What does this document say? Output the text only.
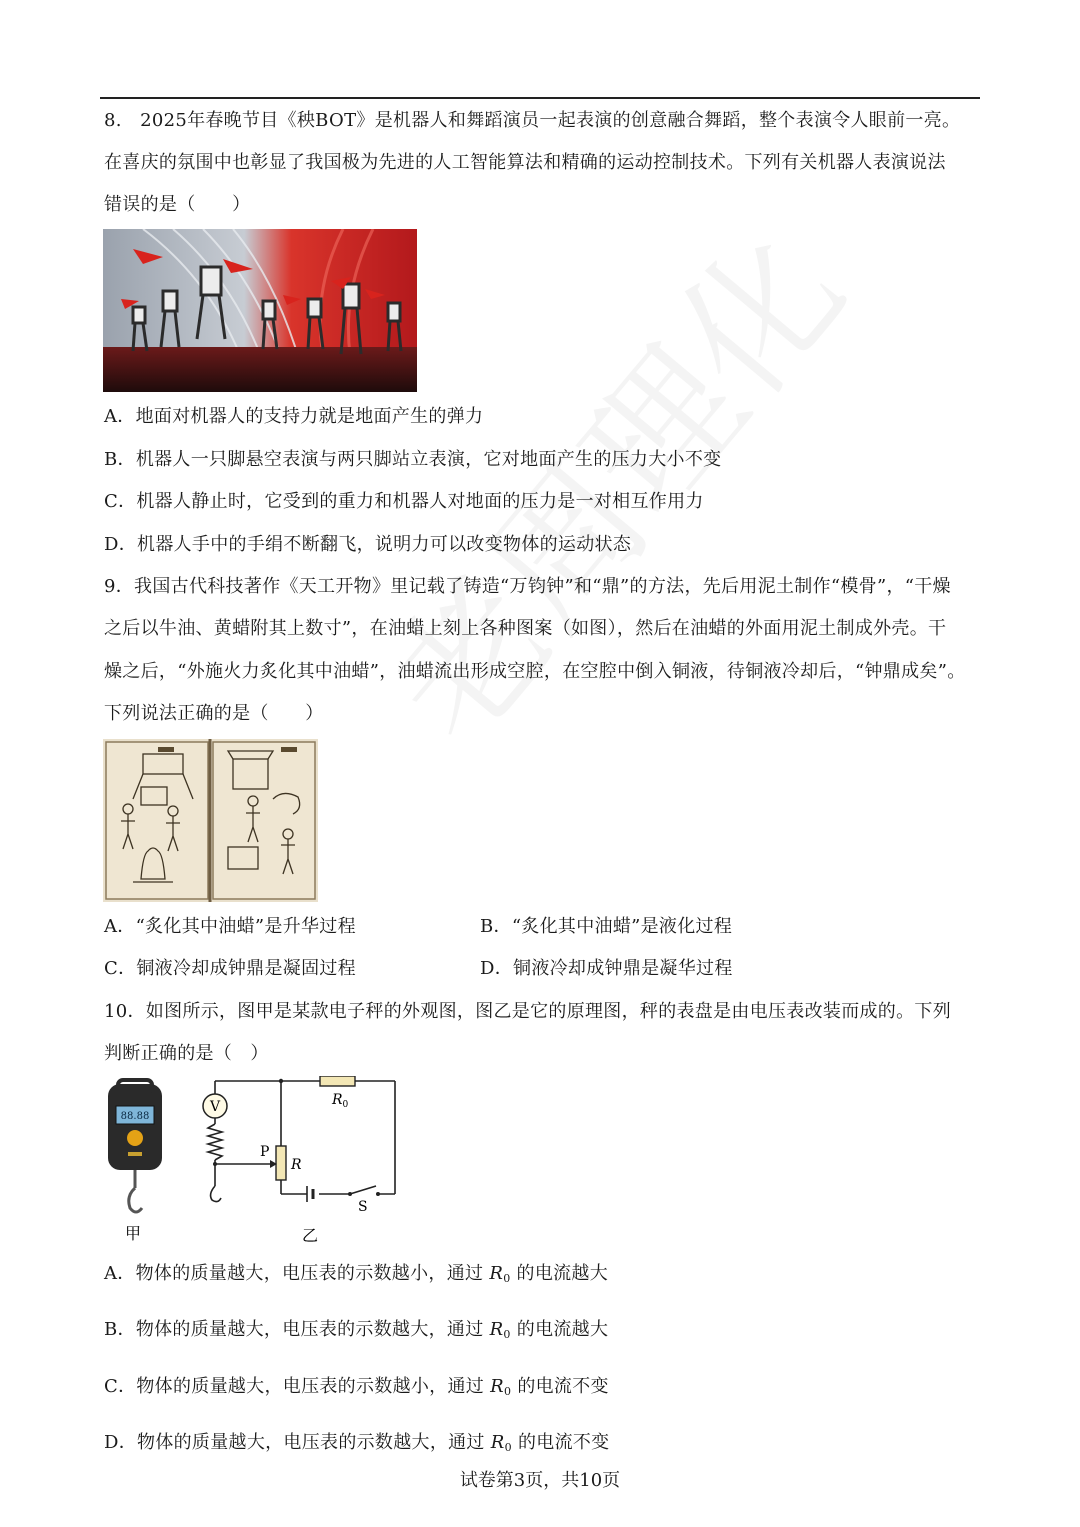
8.　2025年春晚节目《秧BOT》是机器人和舞蹈演员一起表演的创意融合舞蹈，整个表演令人眼前一亮。
在喜庆的氛围中也彰显了我国极为先进的人工智能算法和精确的运动控制技术。下列有关机器人表演说法
错误的是（　　）
A．地面对机器人的支持力就是地面产生的弹力
B．机器人一只脚悬空表演与两只脚站立表演，它对地面产生的压力大小不变
C．机器人静止时，它受到的重力和机器人对地面的压力是一对相互作用力
D．机器人手中的手绢不断翻飞，说明力可以改变物体的运动状态
9．我国古代科技著作《天工开物》里记载了铸造“万钧钟”和“鼎”的方法，先后用泥土制作“模骨”，“干燥
之后以牛油、黄蜡附其上数寸”，在油蜡上刻上各种图案（如图），然后在油蜡的外面用泥土制成外壳。干
燥之后，“外施火力炙化其中油蜡”，油蜡流出形成空腔，在空腔中倒入铜液，待铜液冷却后，“钟鼎成矣”。
下列说法正确的是（　　）
A．“炙化其中油蜡”是升华过程	B．“炙化其中油蜡”是液化过程
C．铜液冷却成钟鼎是凝固过程	D．铜液冷却成钟鼎是凝华过程
10．如图所示，图甲是某款电子秤的外观图，图乙是它的原理图，秤的表盘是由电压表改装而成的。下列
判断正确的是（　）
88.88
甲
V	$R_0$
R
P
S
乙
A．物体的质量越大，电压表的示数越小，通过 $R_0$ 的电流越大
B．物体的质量越大，电压表的示数越大，通过 $R_0$ 的电流越大
C．物体的质量越大，电压表的示数越小，通过 $R_0$ 的电流不变
D．物体的质量越大，电压表的示数越大，通过 $R_0$ 的电流不变
试卷第3页，共10页
